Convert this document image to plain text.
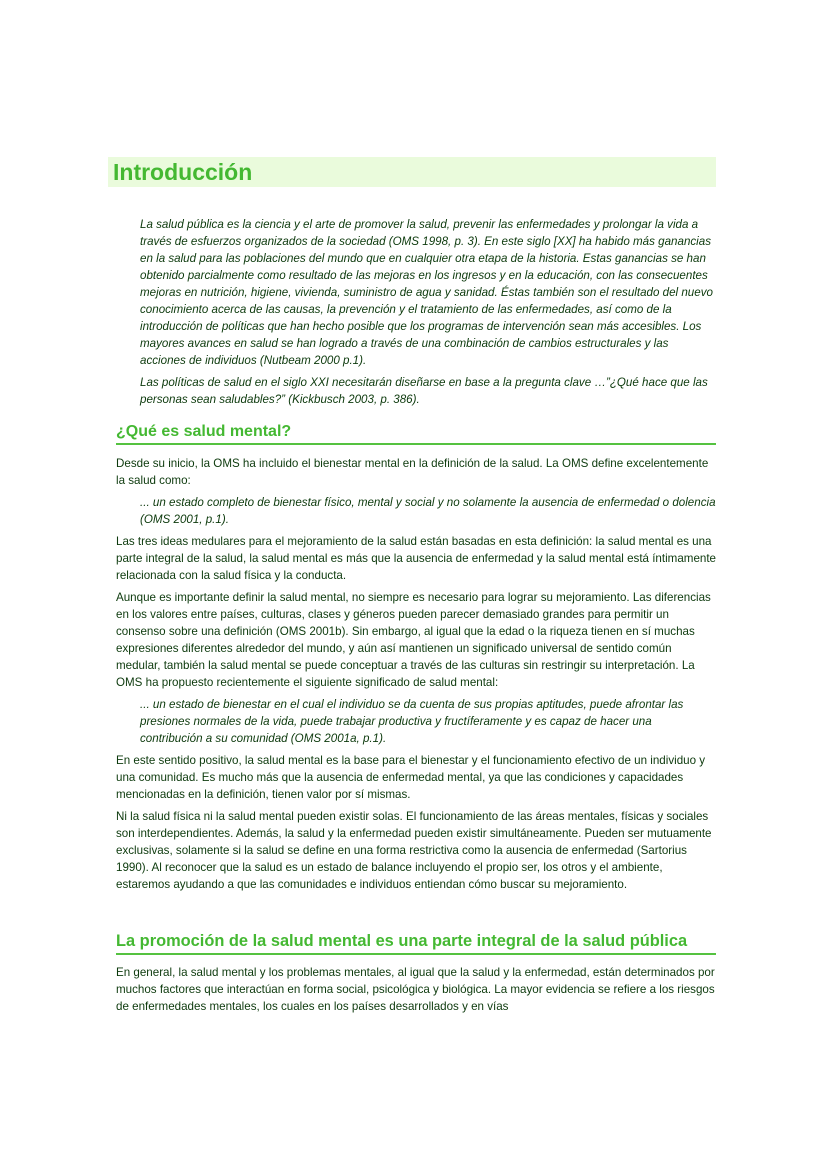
Introducción

La salud pública es la ciencia y el arte de promover la salud, prevenir las enfermedades y prolongar la vida a través de esfuerzos organizados de la sociedad (OMS 1998, p. 3). En este siglo [XX] ha habido más ganancias en la salud para las poblaciones del mundo que en cualquier otra etapa de la historia. Estas ganancias se han obtenido parcialmente como resultado de las mejoras en los ingresos y en la educación, con las consecuentes mejoras en nutrición, higiene, vivienda, suministro de agua y sanidad. Éstas también son el resultado del nuevo conocimiento acerca de las causas, la prevención y el tratamiento de las enfermedades, así como de la introducción de políticas que han hecho posible que los programas de intervención sean más accesibles. Los mayores avances en salud se han logrado a través de una combinación de cambios estructurales y las acciones de individuos (Nutbeam 2000 p.1).

Las políticas de salud en el siglo XXI necesitarán diseñarse en base a la pregunta clave …”¿Qué hace que las personas sean saludables?” (Kickbusch 2003, p. 386).

¿Qué es salud mental?

Desde su inicio, la OMS ha incluido el bienestar mental en la definición de la salud. La OMS define excelentemente la salud como:

... un estado completo de bienestar físico, mental y social y no solamente la ausencia de enfermedad o dolencia (OMS 2001, p.1).

Las tres ideas medulares para el mejoramiento de la salud están basadas en esta definición: la salud mental es una parte integral de la salud, la salud mental es más que la ausencia de enfermedad y la salud mental está íntimamente relacionada con la salud física y la conducta.

Aunque es importante definir la salud mental, no siempre es necesario para lograr su mejoramiento. Las diferencias en los valores entre países, culturas, clases y géneros pueden parecer demasiado grandes para permitir un consenso sobre una definición (OMS 2001b). Sin embargo, al igual que la edad o la riqueza tienen en sí muchas expresiones diferentes alrededor del mundo, y aún así mantienen un significado universal de sentido común medular, también la salud mental se puede conceptuar a través de las culturas sin restringir su interpretación. La OMS ha propuesto recientemente el siguiente significado de salud mental:

... un estado de bienestar en el cual el individuo se da cuenta de sus propias aptitudes, puede afrontar las presiones normales de la vida, puede trabajar productiva y fructíferamente y es capaz de hacer una contribución a su comunidad (OMS 2001a, p.1).

En este sentido positivo, la salud mental es la base para el bienestar y el funcionamiento efectivo de un individuo y una comunidad. Es mucho más que la ausencia de enfermedad mental, ya que las condiciones y capacidades mencionadas en la definición, tienen valor por sí mismas.

Ni la salud física ni la salud mental pueden existir solas. El funcionamiento de las áreas mentales, físicas y sociales son interdependientes. Además, la salud y la enfermedad pueden existir simultáneamente. Pueden ser mutuamente exclusivas, solamente si la salud se define en una forma restrictiva como la ausencia de enfermedad (Sartorius 1990). Al reconocer que la salud es un estado de balance incluyendo el propio ser, los otros y el ambiente, estaremos ayudando a que las comunidades e individuos entiendan cómo buscar su mejoramiento.

La promoción de la salud mental es una parte integral de la salud pública

En general, la salud mental y los problemas mentales, al igual que la salud y la enfermedad, están determinados por muchos factores que interactúan en forma social, psicológica y biológica. La mayor evidencia se refiere a los riesgos de enfermedades mentales, los cuales en los países desarrollados y en vías
